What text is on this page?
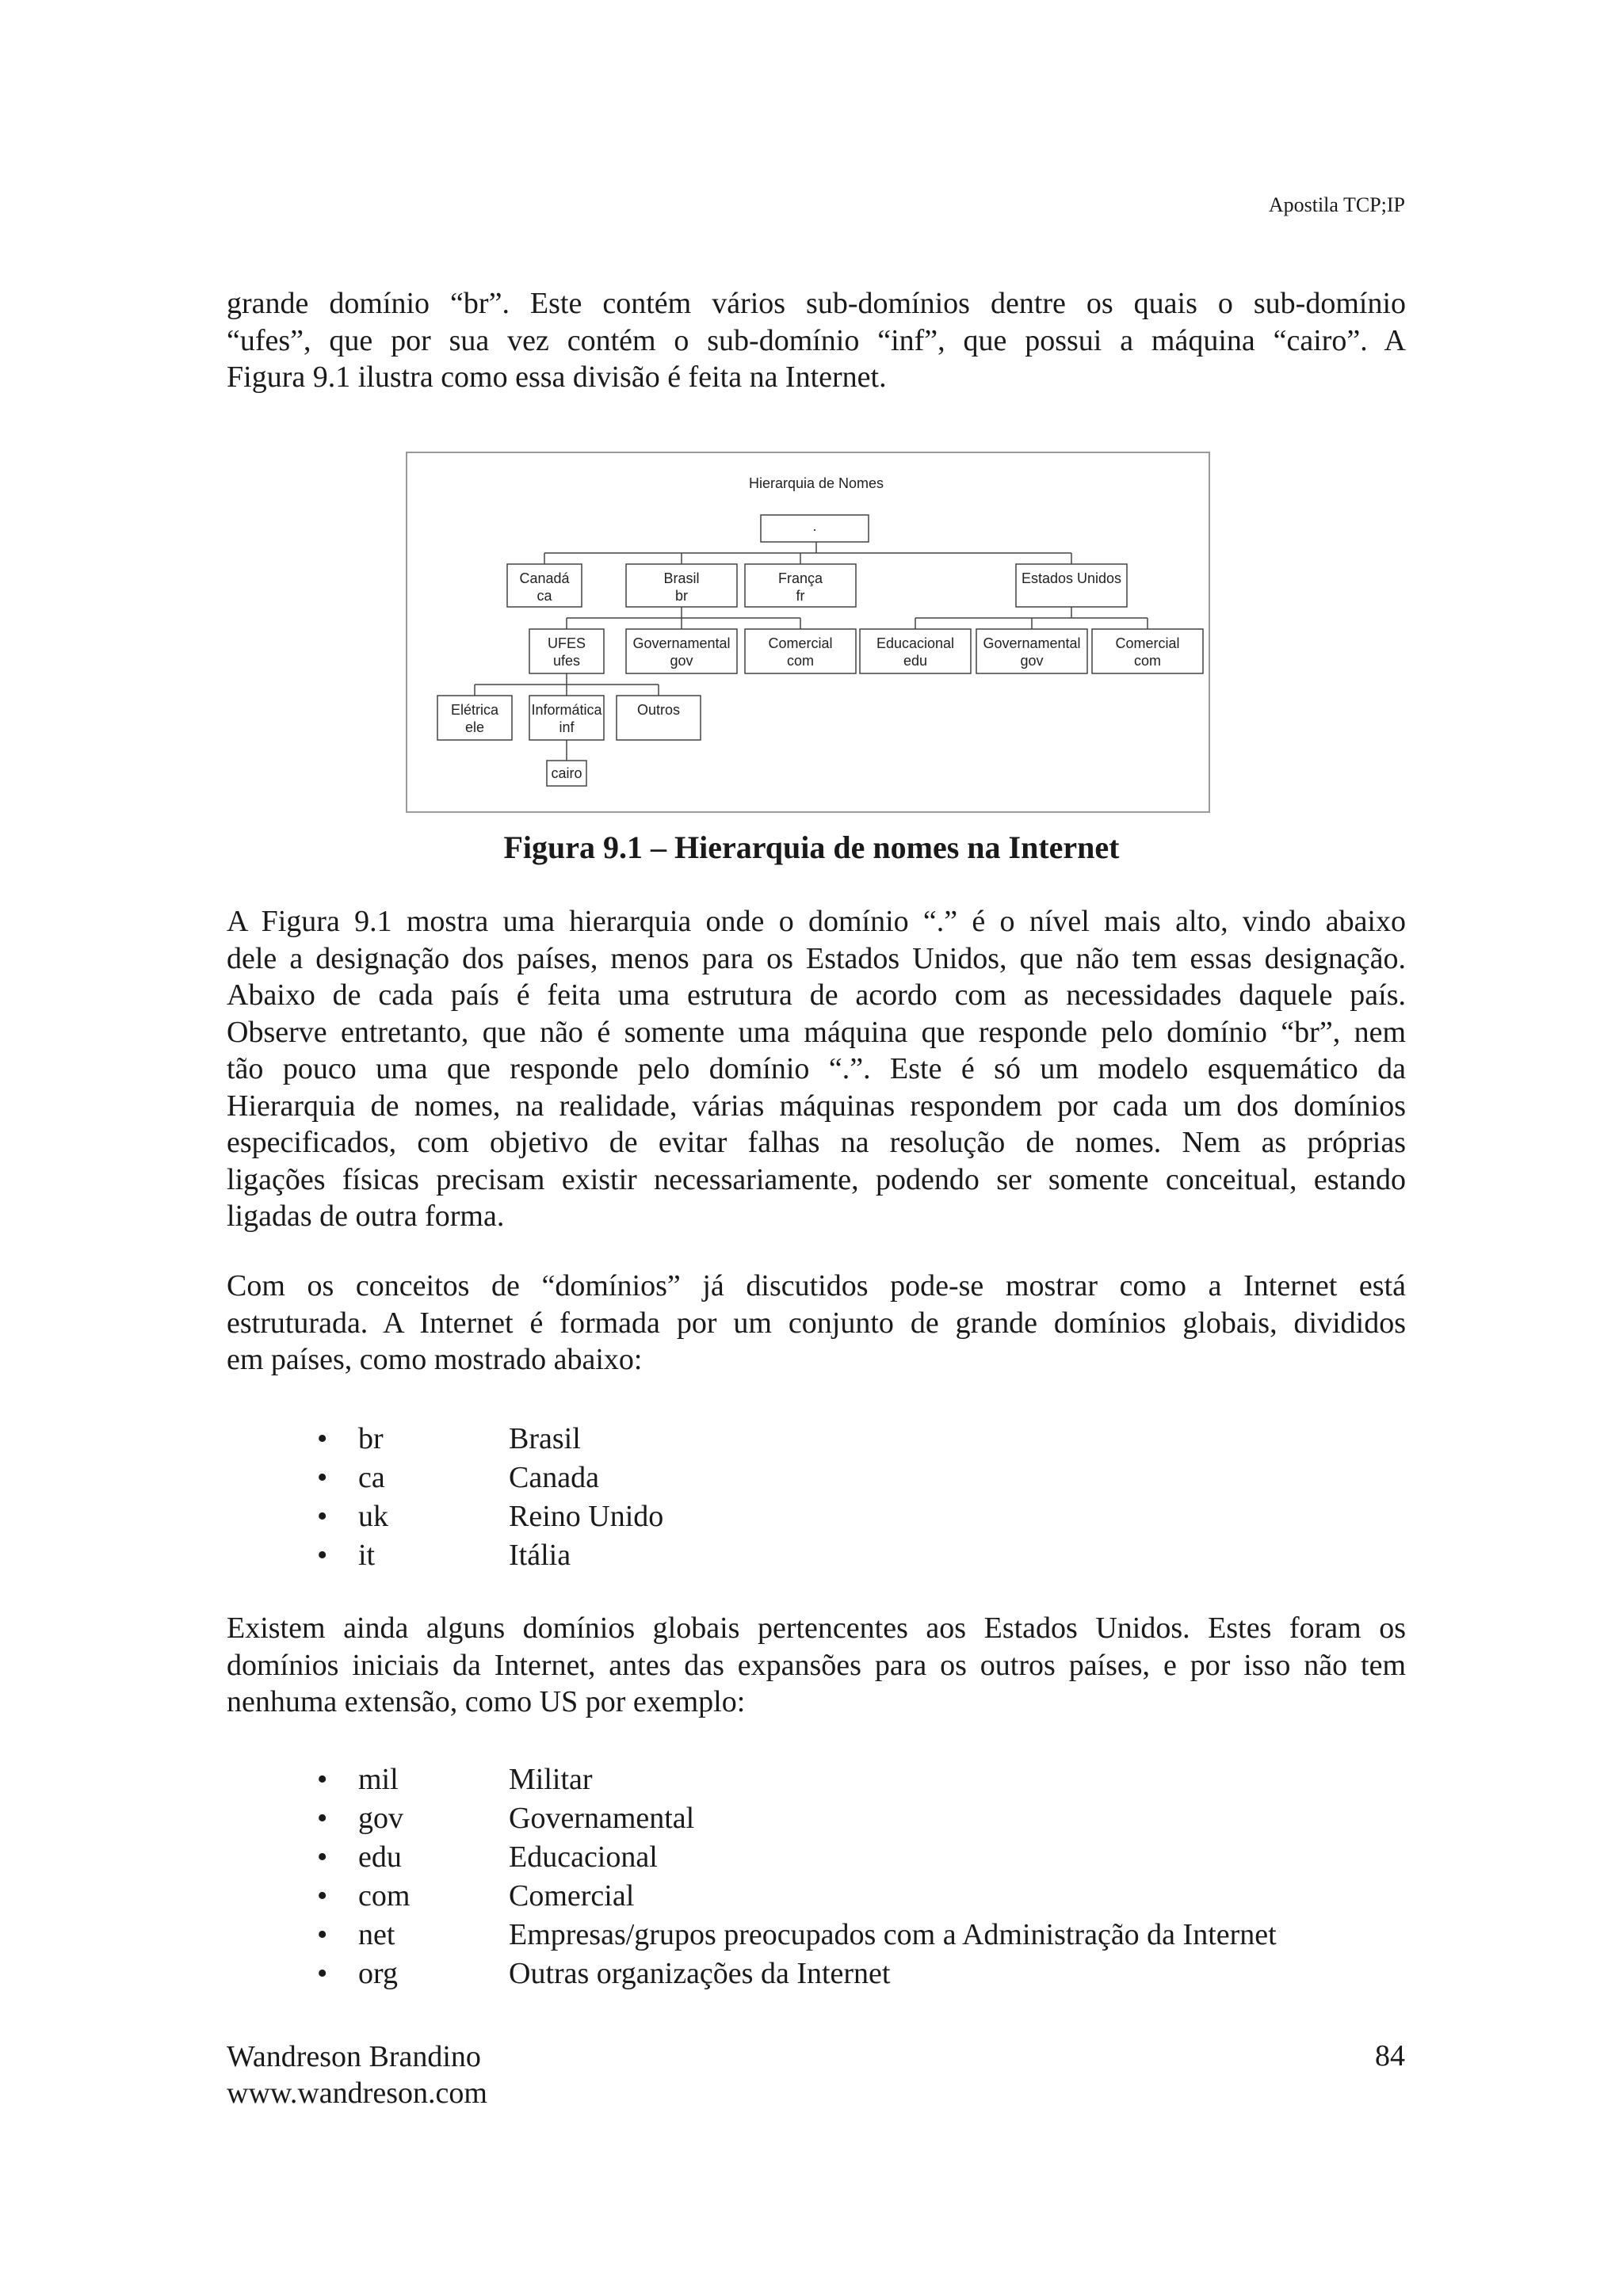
Apostila TCP;IP
grande domínio “br”. Este contém vários sub-domínios dentre os quais o sub-domínio
“ufes”, que por sua vez contém o sub-domínio “inf”, que possui a máquina “cairo”. A
Figura 9.1 ilustra como essa divisão é feita na Internet.
Hierarquia de Nomes
.
Canadá
ca
Brasil
br
França
fr
Estados Unidos
UFES
ufes
Governamental
gov
Comercial
com
Educacional
edu
Governamental
gov
Comercial
com
Elétrica
ele
Informática
inf
Outros
cairo
Figura 9.1 – Hierarquia de nomes na Internet
A Figura 9.1 mostra uma hierarquia onde o domínio “.” é o nível mais alto, vindo abaixo
dele a designação dos países, menos para os Estados Unidos, que não tem essas designação.
Abaixo de cada país é feita uma estrutura de acordo com as necessidades daquele país.
Observe entretanto, que não é somente uma máquina que responde pelo domínio “br”, nem
tão pouco uma que responde pelo domínio “.”. Este é só um modelo esquemático da
Hierarquia de nomes, na realidade, várias máquinas respondem por cada um dos domínios
especificados, com objetivo de evitar falhas na resolução de nomes. Nem as próprias
ligações físicas precisam existir necessariamente, podendo ser somente conceitual, estando
ligadas de outra forma.
Com os conceitos de “domínios” já discutidos pode-se mostrar como a Internet está
estruturada. A Internet é formada por um conjunto de grande domínios globais, divididos
em países, como mostrado abaixo:
•	br	Brasil
•	ca	Canada
•	uk	Reino Unido
•	it	Itália
Existem ainda alguns domínios globais pertencentes aos Estados Unidos. Estes foram os
domínios iniciais da Internet, antes das expansões para os outros países, e por isso não tem
nenhuma extensão, como US por exemplo:
•	mil	Militar
•	gov	Governamental
•	edu	Educacional
•	com	Comercial
•	net	Empresas/grupos preocupados com a Administração da Internet
•	org	Outras organizações da Internet
Wandreson Brandino
www.wandreson.com
84
